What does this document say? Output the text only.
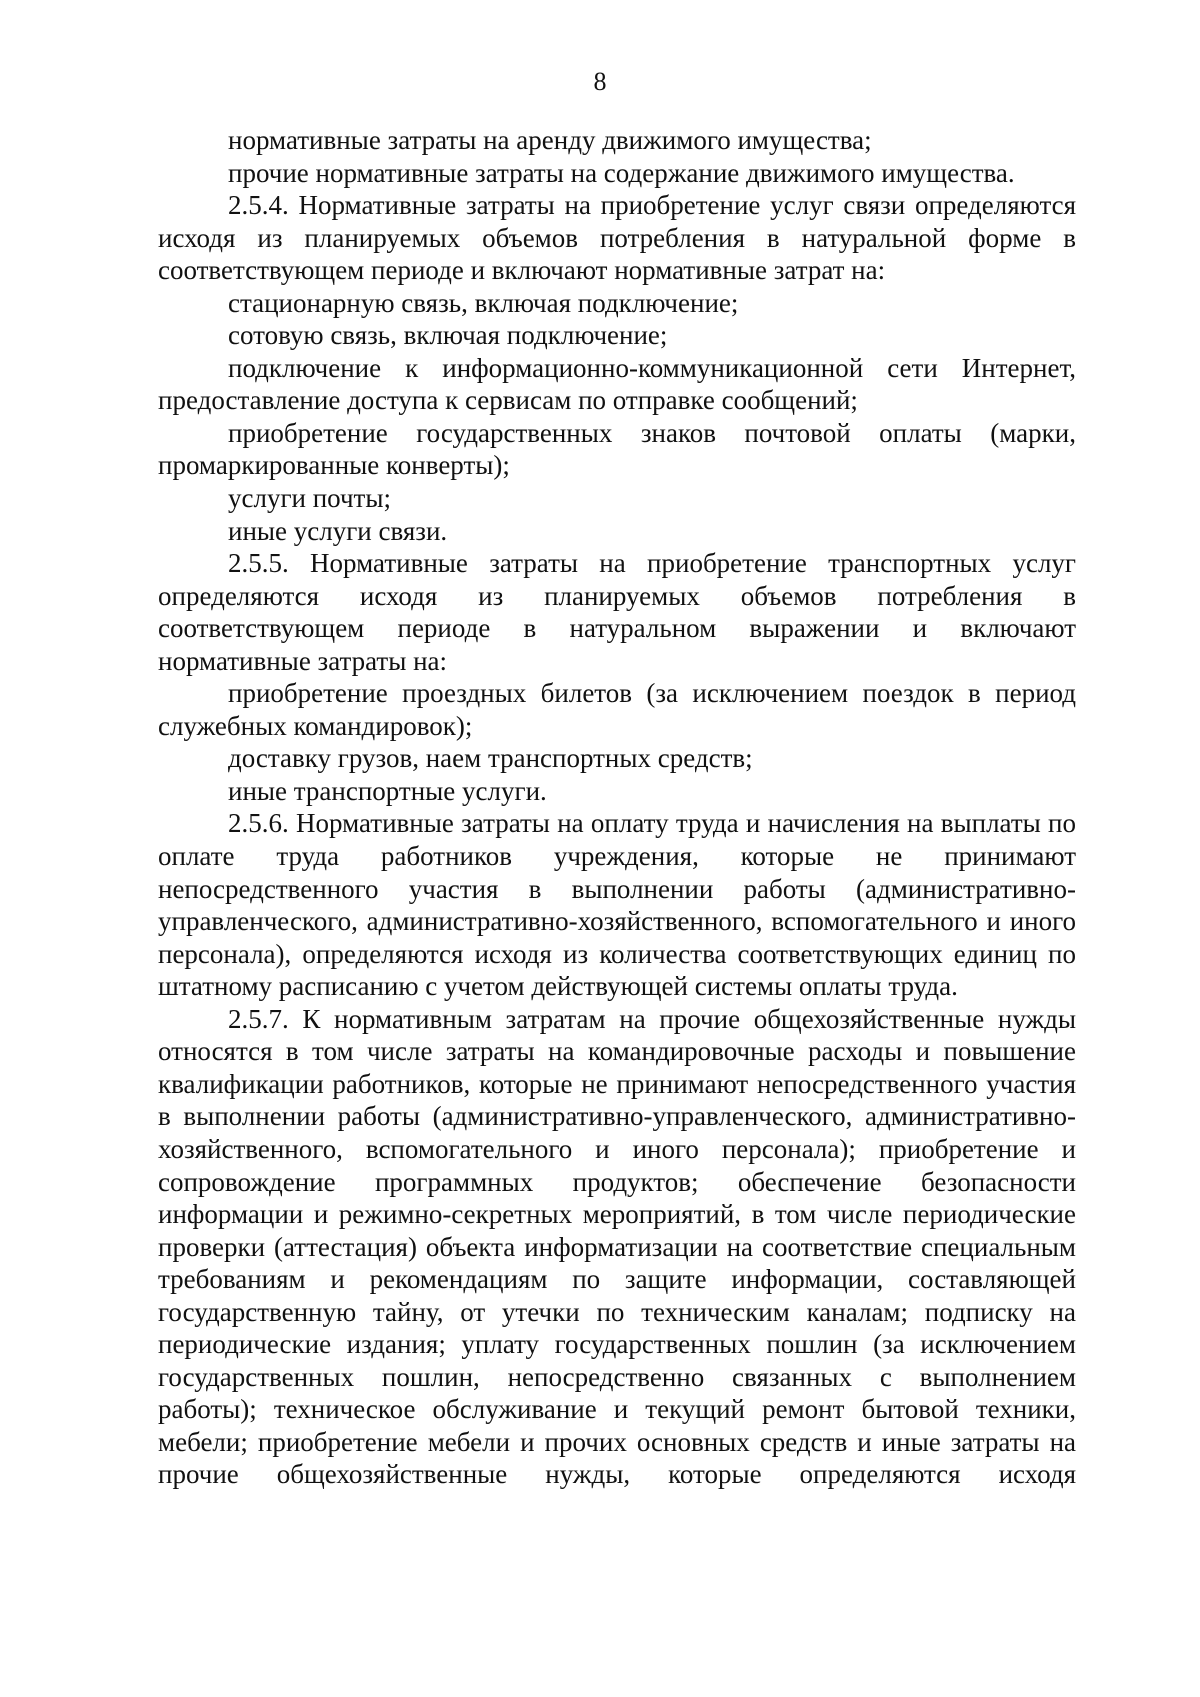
8

нормативные затраты на аренду движимого имущества;

прочие нормативные затраты на содержание движимого имущества.

2.5.4. Нормативные затраты на приобретение услуг связи определяются исходя из планируемых объемов потребления в натуральной форме в соответствующем периоде и включают нормативные затрат на:

стационарную связь, включая подключение;

сотовую связь, включая подключение;

подключение к информационно-коммуникационной сети Интернет, предоставление доступа к сервисам по отправке сообщений;

приобретение государственных знаков почтовой оплаты (марки, промаркированные конверты);

услуги почты;

иные услуги связи.

2.5.5. Нормативные затраты на приобретение транспортных услуг определяются исходя из планируемых объемов потребления в соответствующем периоде в натуральном выражении и включают нормативные затраты на:

приобретение проездных билетов (за исключением поездок в период служебных командировок);

доставку грузов, наем транспортных средств;

иные транспортные услуги.

2.5.6. Нормативные затраты на оплату труда и начисления на выплаты по оплате труда работников учреждения, которые не принимают непосредственного участия в выполнении работы (административно-управленческого, административно-хозяйственного, вспомогательного и иного персонала), определяются исходя из количества соответствующих единиц по штатному расписанию с учетом действующей системы оплаты труда.

2.5.7. К нормативным затратам на прочие общехозяйственные нужды относятся в том числе затраты на командировочные расходы и повышение квалификации работников, которые не принимают непосредственного участия в выполнении работы (административно-управленческого, административно-хозяйственного, вспомогательного и иного персонала); приобретение и сопровождение программных продуктов; обеспечение безопасности информации и режимно-секретных мероприятий, в том числе периодические проверки (аттестация) объекта информатизации на соответствие специальным требованиям и рекомендациям по защите информации, составляющей государственную тайну, от утечки по техническим каналам; подписку на периодические издания; уплату государственных пошлин (за исключением государственных пошлин, непосредственно связанных с выполнением работы); техническое обслуживание и текущий ремонт бытовой техники, мебели; приобретение мебели и прочих основных средств и иные затраты на прочие общехозяйственные нужды, которые определяются исходя
